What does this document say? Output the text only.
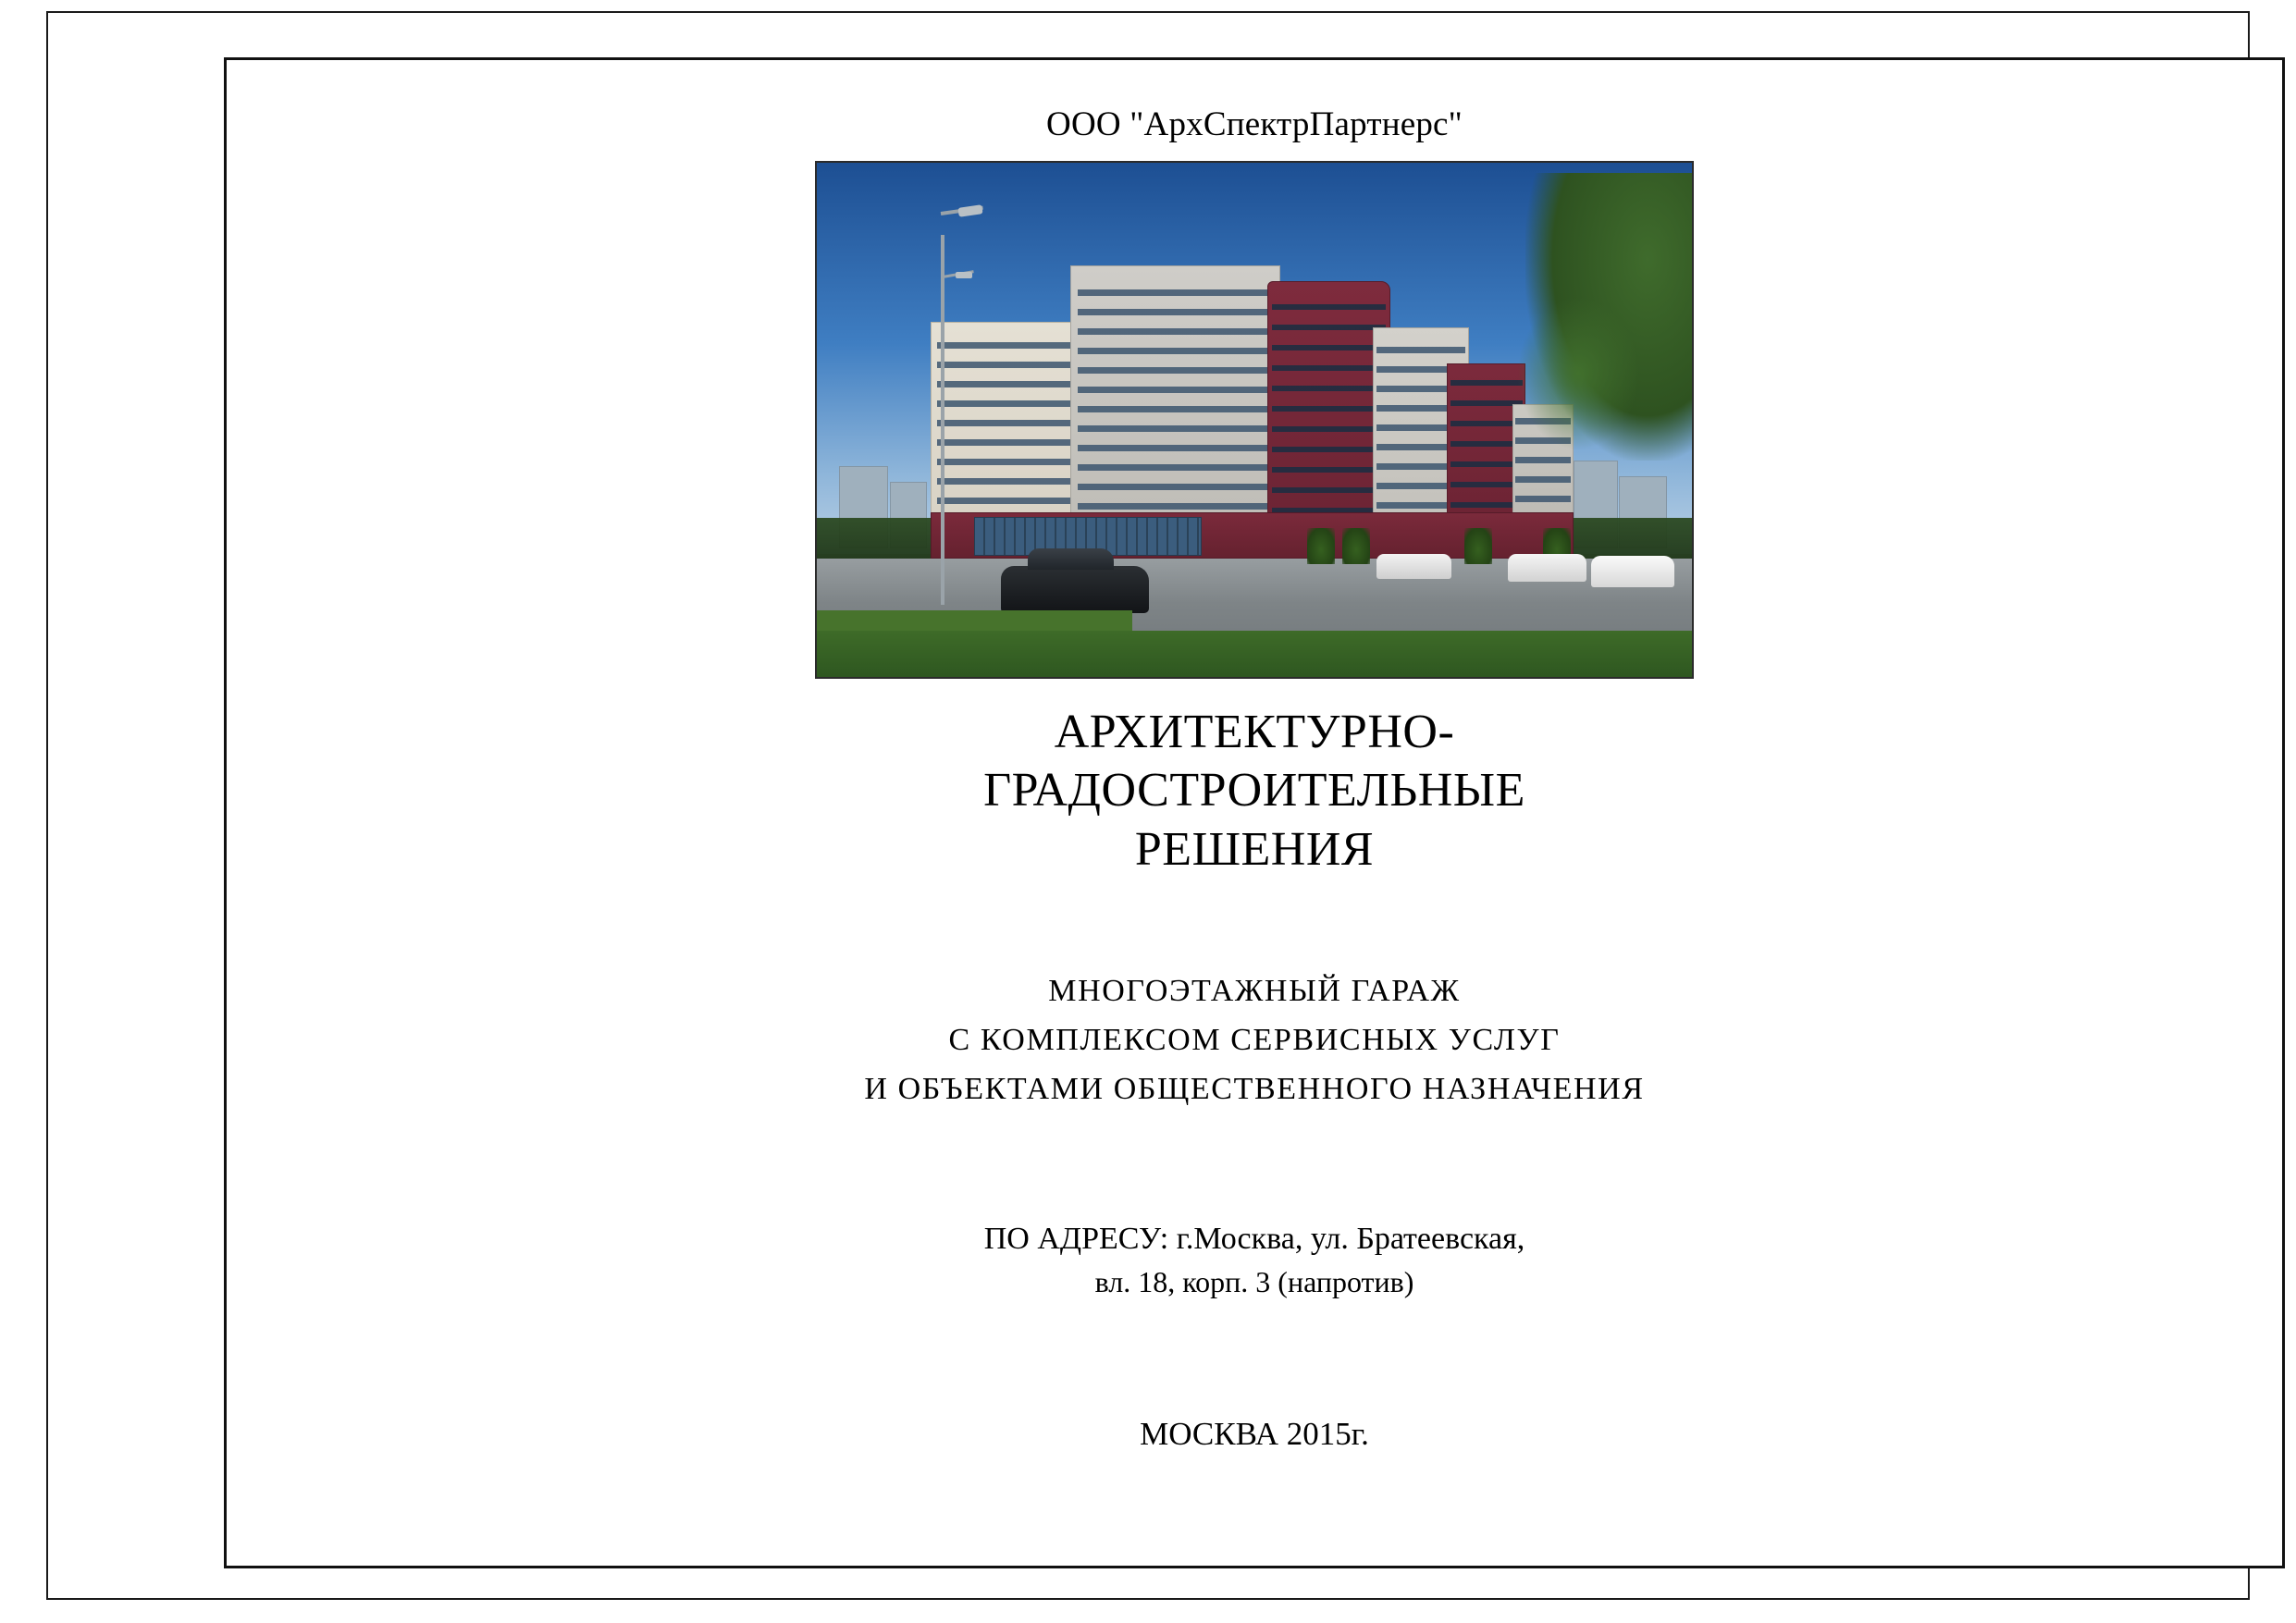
ООО "АрхСпектрПартнерс"
АРХИТЕКТУРНО-
ГРАДОСТРОИТЕЛЬНЫЕ
РЕШЕНИЯ
МНОГОЭТАЖНЫЙ ГАРАЖ
С КОМПЛЕКСОМ СЕРВИСНЫХ УСЛУГ
И ОБЪЕКТАМИ ОБЩЕСТВЕННОГО НАЗНАЧЕНИЯ
ПО АДРЕСУ: г.Москва, ул. Братеевская,
вл. 18, корп. 3 (напротив)
МОСКВА 2015г.
